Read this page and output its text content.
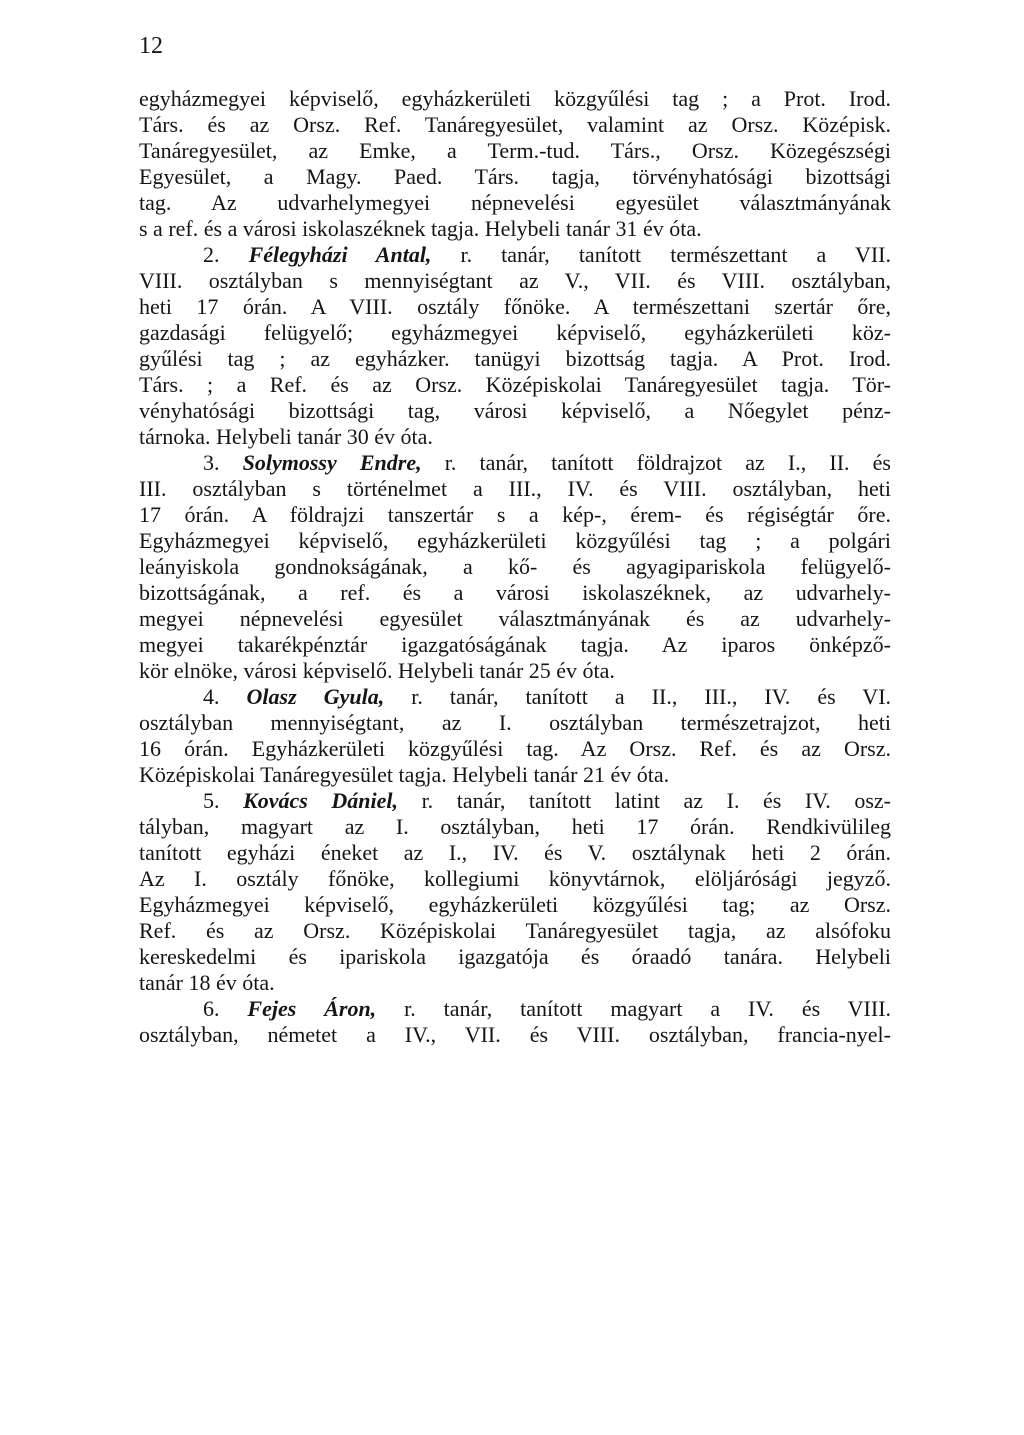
12
egyházmegyei képviselő, egyházkerületi közgyűlési tag ; a Prot. Irod.
Társ. és az Orsz. Ref. Tanáregyesület, valamint az Orsz. Középisk.
Tanáregyesület, az Emke, a Term.-tud. Társ., Orsz. Közegészségi
Egyesület, a Magy. Paed. Társ. tagja, törvényhatósági bizottsági
tag. Az udvarhelymegyei népnevelési egyesület választmányának
s a ref. és a városi iskolaszéknek tagja. Helybeli tanár 31 év óta.
2. Félegyházi Antal, r. tanár, tanított természettant a VII.
VIII. osztályban s mennyiségtant az V., VII. és VIII. osztályban,
heti 17 órán. A VIII. osztály főnöke. A természettani szertár őre,
gazdasági felügyelő; egyházmegyei képviselő, egyházkerületi köz-
gyűlési tag ; az egyházker. tanügyi bizottság tagja. A Prot. Irod.
Társ. ; a Ref. és az Orsz. Középiskolai Tanáregyesület tagja. Tör-
vényhatósági bizottsági tag, városi képviselő, a Nőegylet pénz-
tárnoka. Helybeli tanár 30 év óta.
3. Solymossy Endre, r. tanár, tanított földrajzot az I., II. és
III. osztályban s történelmet a III., IV. és VIII. osztályban, heti
17 órán. A földrajzi tanszertár s a kép-, érem- és régiségtár őre.
Egyházmegyei képviselő, egyházkerületi közgyűlési tag ; a polgári
leányiskola gondnokságának, a kő- és agyagipariskola felügyelő-
bizottságának, a ref. és a városi iskolaszéknek, az udvarhely-
megyei népnevelési egyesület választmányának és az udvarhely-
megyei takarékpénztár igazgatóságának tagja. Az iparos önképző-
kör elnöke, városi képviselő. Helybeli tanár 25 év óta.
4. Olasz Gyula, r. tanár, tanított a II., III., IV. és VI.
osztályban mennyiségtant, az I. osztályban természetrajzot, heti
16 órán. Egyházkerületi közgyűlési tag. Az Orsz. Ref. és az Orsz.
Középiskolai Tanáregyesület tagja. Helybeli tanár 21 év óta.
5. Kovács Dániel, r. tanár, tanított latint az I. és IV. osz-
tályban, magyart az I. osztályban, heti 17 órán. Rendkivülileg
tanított egyházi éneket az I., IV. és V. osztálynak heti 2 órán.
Az I. osztály főnöke, kollegiumi könyvtárnok, elöljárósági jegyző.
Egyházmegyei képviselő, egyházkerületi közgyűlési tag; az Orsz.
Ref. és az Orsz. Középiskolai Tanáregyesület tagja, az alsófoku
kereskedelmi és ipariskola igazgatója és óraadó tanára. Helybeli
tanár 18 év óta.
6. Fejes Áron, r. tanár, tanított magyart a IV. és VIII.
osztályban, németet a IV., VII. és VIII. osztályban, francia-nyel-
